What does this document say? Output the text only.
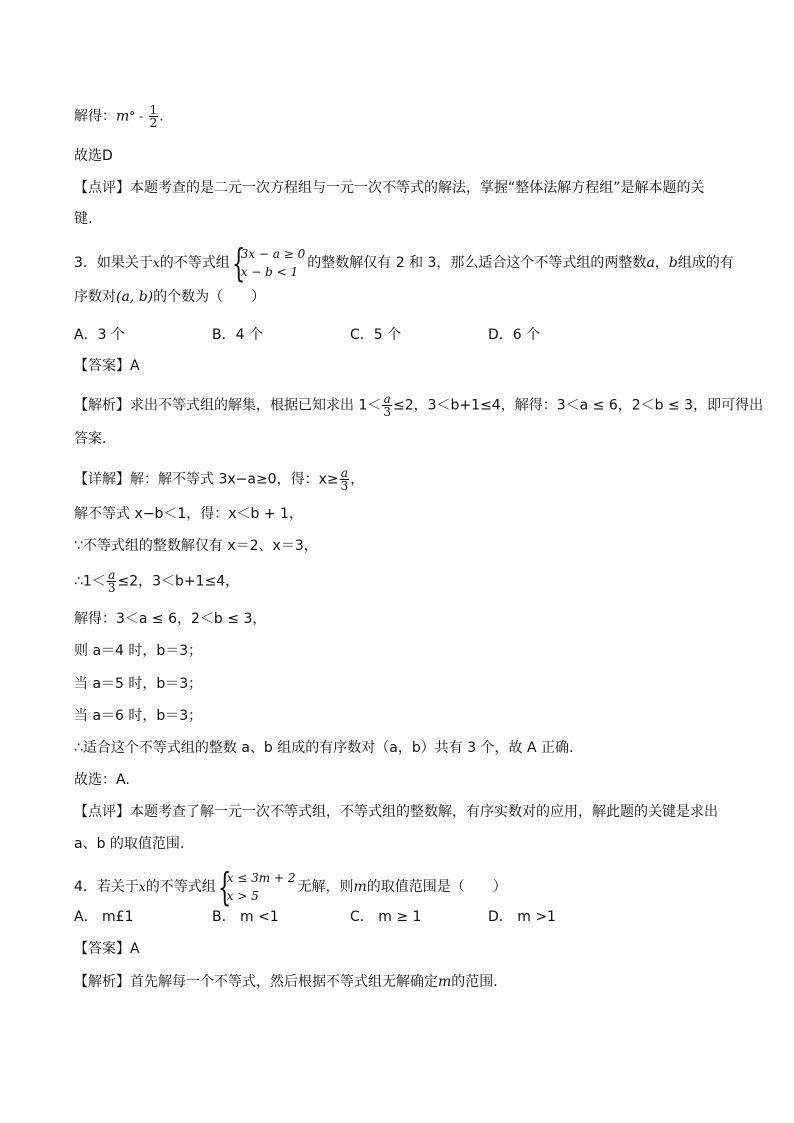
解得：$m^\circ - \frac{1}{2}$ .
故选D
【点评】本题考查的是二元一次方程组与一元一次不等式的解法，掌握“整体法解方程组”是解本题的关
键.
3．如果关于x的不等式组 {
3x − a ≥ 0
x − b < 1
的整数解仅有 2 和 3，那么适合这个不等式组的两整数a，b组成的有
序数对(a, b)的个数为（　　）
A．3 个	B．4 个	C．5 个	D．6 个
【答案】A
【解析】求出不等式组的解集，根据已知求出 $1< \frac{a}{3} \le 2$，3＜b+1≤4，解得：3＜a ≤ 6，2＜b ≤ 3，即可得出
答案.
【详解】解：解不等式 3x−a≥0，得：$x\ge \frac{a}{3}$ ，
解不等式 x−b＜1，得：x＜b + 1，
∵不等式组的整数解仅有 x＝2、x＝3，
∴1＜ $\frac{a}{3} \le 2$，3＜b+1≤4，
解得：3＜a ≤ 6，2＜b ≤ 3，
则 a＝4 时，b＝3；
当 a＝5 时，b＝3；
当 a＝6 时，b＝3；
∴适合这个不等式组的整数 a、b 组成的有序数对（a，b）共有 3 个，故 A 正确.
故选：A.
【点评】本题考查了解一元一次不等式组，不等式组的整数解，有序实数对的应用，解此题的关键是求出
a、b 的取值范围.
4．若关于x的不等式组 {
x ≤ 3m + 2
x > 5
无解，则m的取值范围是（　　）
A． m£1	B． m <1	C． m ≥ 1	D． m >1
【答案】A
【解析】首先解每一个不等式，然后根据不等式组无解确定m的范围.
